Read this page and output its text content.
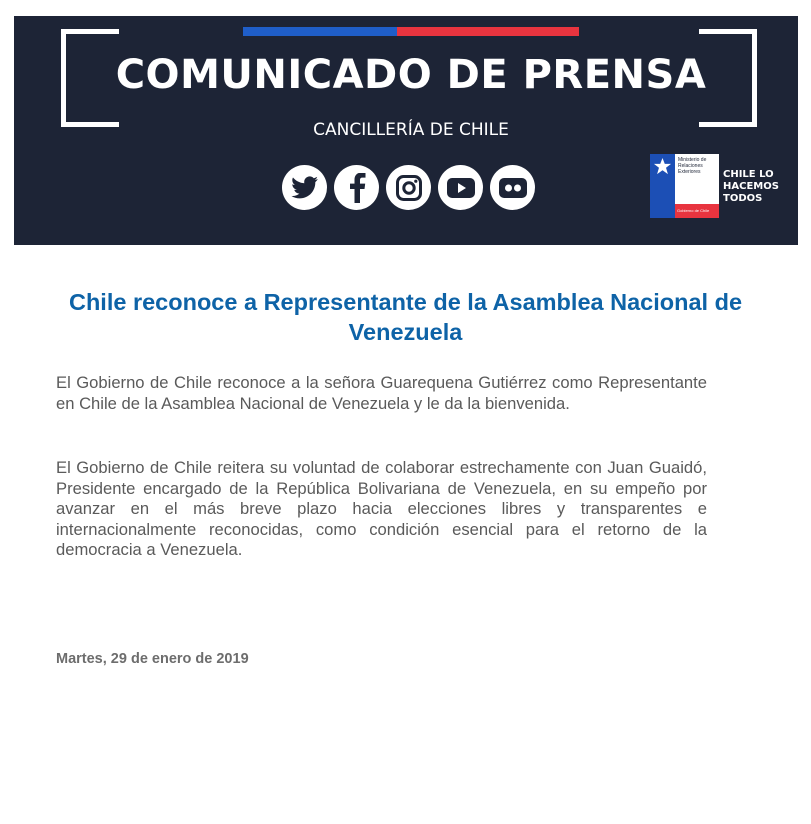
COMUNICADO DE PRENSA
CANCILLERÍA DE CHILE
Ministerio de Relaciones Exteriores
Gobierno de Chile
CHILE LO
HACEMOS
TODOS
Chile reconoce a Representante de la Asamblea Nacional de Venezuela

El Gobierno de Chile reconoce a la señora Guarequena Gutiérrez como Representante en Chile de la Asamblea Nacional de Venezuela y le da la bienvenida.

El Gobierno de Chile reitera su voluntad de colaborar estrechamente con Juan Guaidó, Presidente encargado de la República Bolivariana de Venezuela, en su empeño por avanzar en el más breve plazo hacia elecciones libres y transparentes e internacionalmente reconocidas, como condición esencial para el retorno de la democracia a Venezuela.

Martes, 29 de enero de 2019
